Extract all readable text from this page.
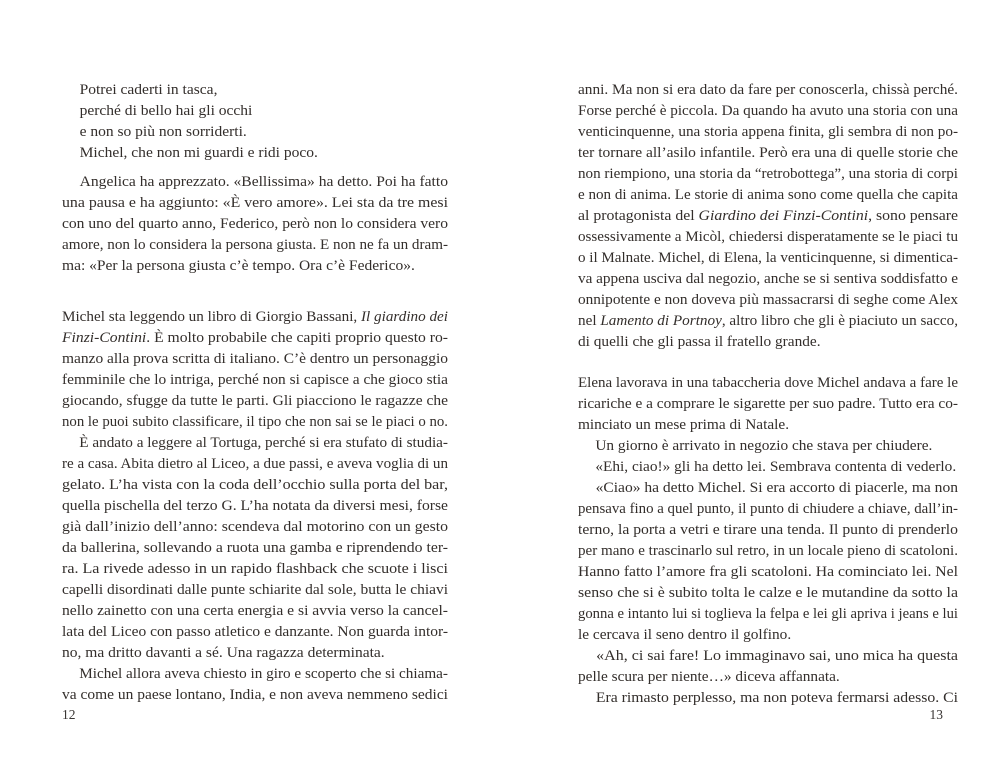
Potrei caderti in tasca,
perché di bello hai gli occhi
e non so più non sorriderti.
Michel, che non mi guardi e ridi poco.
Angelica ha apprezzato. «Bellissima» ha detto. Poi ha fatto
una pausa e ha aggiunto: «È vero amore». Lei sta da tre mesi
con uno del quarto anno, Federico, però non lo considera vero
amore, non lo considera la persona giusta. E non ne fa un dram-
ma: «Per la persona giusta c’è tempo. Ora c’è Federico».
Michel sta leggendo un libro di Giorgio Bassani, Il giardino dei
Finzi-Contini. È molto probabile che capiti proprio questo ro-
manzo alla prova scritta di italiano. C’è dentro un personaggio
femminile che lo intriga, perché non si capisce a che gioco stia
giocando, sfugge da tutte le parti. Gli piacciono le ragazze che
non le puoi subito classificare, il tipo che non sai se le piaci o no.
È andato a leggere al Tortuga, perché si era stufato di studia-
re a casa. Abita dietro al Liceo, a due passi, e aveva voglia di un
gelato. L’ha vista con la coda dell’occhio sulla porta del bar,
quella pischella del terzo G. L’ha notata da diversi mesi, forse
già dall’inizio dell’anno: scendeva dal motorino con un gesto
da ballerina, sollevando a ruota una gamba e riprendendo ter-
ra. La rivede adesso in un rapido flashback che scuote i lisci
capelli disordinati dalle punte schiarite dal sole, butta le chiavi
nello zainetto con una certa energia e si avvia verso la cancel-
lata del Liceo con passo atletico e danzante. Non guarda intor-
no, ma dritto davanti a sé. Una ragazza determinata.
Michel allora aveva chiesto in giro e scoperto che si chiama-
va come un paese lontano, India, e non aveva nemmeno sedici
12
anni. Ma non si era dato da fare per conoscerla, chissà perché.
Forse perché è piccola. Da quando ha avuto una storia con una
venticinquenne, una storia appena finita, gli sembra di non po-
ter tornare all’asilo infantile. Però era una di quelle storie che
non riempiono, una storia da “retrobottega”, una storia di corpi
e non di anima. Le storie di anima sono come quella che capita
al protagonista del Giardino dei Finzi-Contini, sono pensare
ossessivamente a Micòl, chiedersi disperatamente se le piaci tu
o il Malnate. Michel, di Elena, la venticinquenne, si dimentica-
va appena usciva dal negozio, anche se si sentiva soddisfatto e
onnipotente e non doveva più massacrarsi di seghe come Alex
nel Lamento di Portnoy, altro libro che gli è piaciuto un sacco,
di quelli che gli passa il fratello grande.
Elena lavorava in una tabaccheria dove Michel andava a fare le
ricariche e a comprare le sigarette per suo padre. Tutto era co-
minciato un mese prima di Natale.
Un giorno è arrivato in negozio che stava per chiudere.
«Ehi, ciao!» gli ha detto lei. Sembrava contenta di vederlo.
«Ciao» ha detto Michel. Si era accorto di piacerle, ma non
pensava fino a quel punto, il punto di chiudere a chiave, dall’in-
terno, la porta a vetri e tirare una tenda. Il punto di prenderlo
per mano e trascinarlo sul retro, in un locale pieno di scatoloni.
Hanno fatto l’amore fra gli scatoloni. Ha cominciato lei. Nel
senso che si è subito tolta le calze e le mutandine da sotto la
gonna e intanto lui si toglieva la felpa e lei gli apriva i jeans e lui
le cercava il seno dentro il golfino.
«Ah, ci sai fare! Lo immaginavo sai, uno mica ha questa
pelle scura per niente…» diceva affannata.
Era rimasto perplesso, ma non poteva fermarsi adesso. Ci
13
